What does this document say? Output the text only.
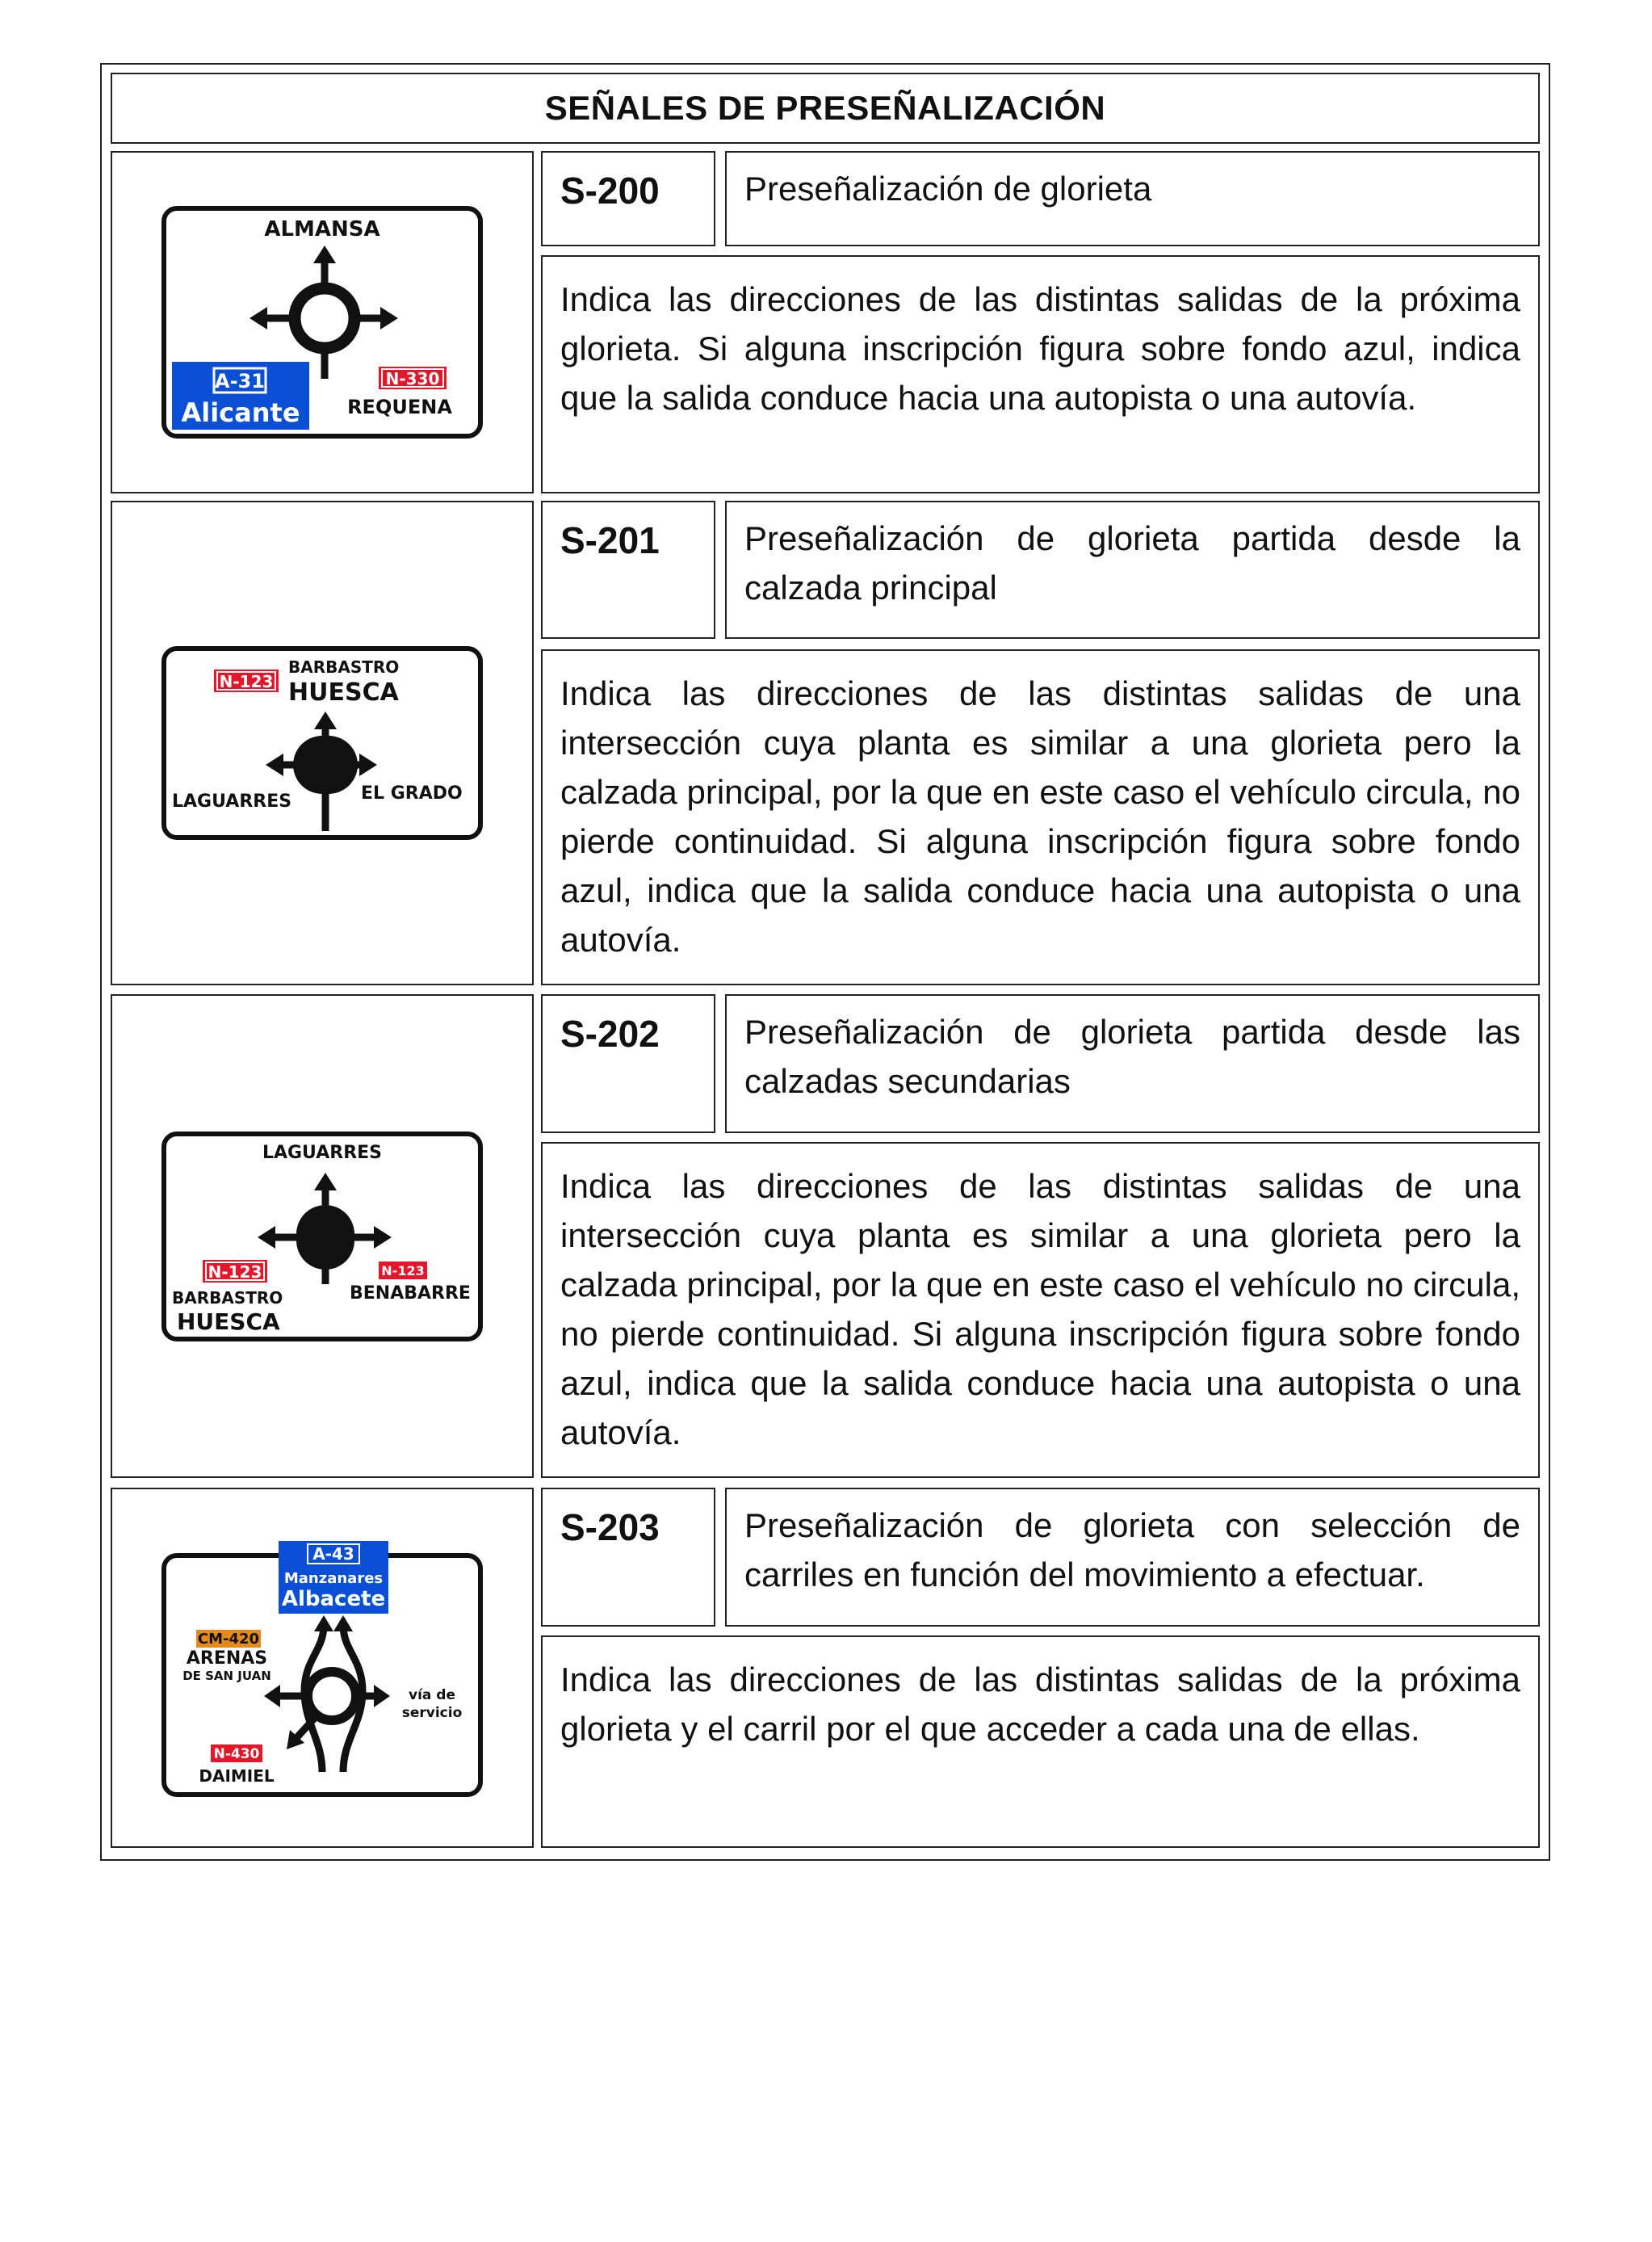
SEÑALES DE PRESEÑALIZACIÓN
ALMANSA
A-31
Alicante
N-330
REQUENA
S-200	Preseñalización de glorieta
Indica las direcciones de las distintas salidas de la próxima glorieta. Si alguna inscripción figura sobre fondo azul, indica que la salida conduce hacia una autopista o una autovía.
N-123
BARBASTRO
HUESCA
LAGUARRES	EL GRADO
S-201	Preseñalización de glorieta partida desde la calzada principal
Indica las direcciones de las distintas salidas de una intersección cuya planta es similar a una glorieta pero la calzada principal, por la que en este caso el vehículo circula, no pierde continuidad. Si alguna inscripción figura sobre fondo azul, indica que la salida conduce hacia una autopista o una autovía.
LAGUARRES
N-123
BARBASTRO
HUESCA
N-123
BENABARRE
S-202	Preseñalización de glorieta partida desde las calzadas secundarias
Indica las direcciones de las distintas salidas de una intersección cuya planta es similar a una glorieta pero la calzada principal, por la que en este caso el vehículo no circula, no pierde continuidad. Si alguna inscripción figura sobre fondo azul, indica que la salida conduce hacia una autopista o una autovía.
A-43
Manzanares
Albacete
CM-420
ARENAS
DE SAN JUAN
vía de
servicio
N-430
DAIMIEL
S-203	Preseñalización de glorieta con selección de carriles en función del movimiento a efectuar.
Indica las direcciones de las distintas salidas de la próxima glorieta y el carril por el que acceder a cada una de ellas.
